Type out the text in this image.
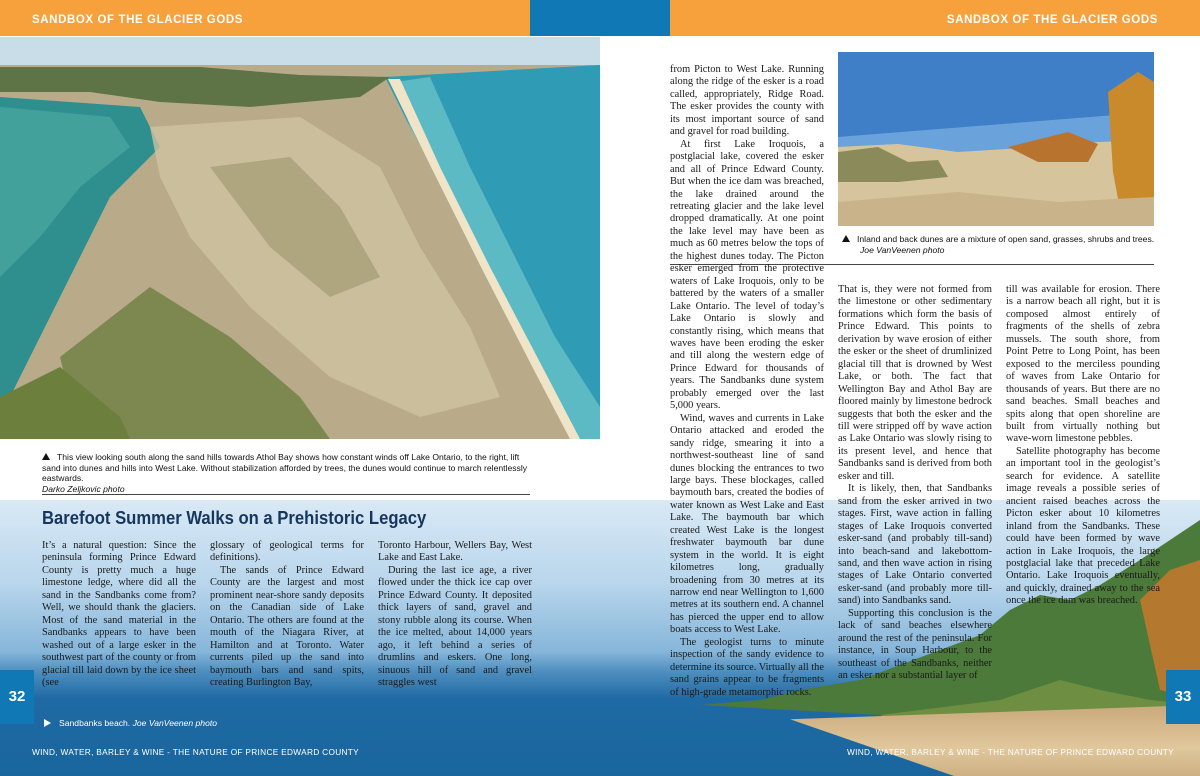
SANDBOX OF THE GLACIER GODS	SANDBOX OF THE GLACIER GODS
This view looking south along the sand hills towards Athol Bay shows how constant winds off Lake Ontario, to the right, lift sand into dunes and hills into West Lake. Without stabilization afforded by trees, the dunes would continue to march relentlessly eastwards.
Darko Zeljkovic photo
Inland and back dunes are a mixture of open sand, grasses, shrubs and trees.
Joe VanVeenen photo
Barefoot Summer Walks on a Prehistoric Legacy

It’s a natural question: Since the peninsula forming Prince Edward County is pretty much a huge limestone ledge, where did all the sand in the Sandbanks come from? Well, we should thank the glaciers. Most of the sand material in the Sandbanks appears to have been washed out of a large esker in the southwest part of the county or from glacial till laid down by the ice sheet (see

glossary of geological terms for definitions).

The sands of Prince Edward County are the largest and most prominent near-shore sandy deposits on the Canadian side of Lake Ontario. The others are found at the mouth of the Niagara River, at Hamilton and at Toronto. Water currents piled up the sand into baymouth bars and sand spits, creating Burlington Bay,

Toronto Harbour, Wellers Bay, West Lake and East Lake.

During the last ice age, a river flowed under the thick ice cap over Prince Edward County. It deposited thick layers of sand, gravel and stony rubble along its course. When the ice melted, about 14,000 years ago, it left behind a series of drumlins and eskers. One long, sinuous hill of sand and gravel straggles west

from Picton to West Lake. Running along the ridge of the esker is a road called, appropriately, Ridge Road. The esker provides the county with its most important source of sand and gravel for road building.

At first Lake Iroquois, a postglacial lake, covered the esker and all of Prince Edward County. But when the ice dam was breached, the lake drained around the retreating glacier and the lake level dropped dramatically. At one point the lake level may have been as much as 60 metres below the tops of the highest dunes today. The Picton esker emerged from the protective waters of Lake Iroquois, only to be battered by the waters of a smaller Lake Ontario. The level of today’s Lake Ontario is slowly and constantly rising, which means that waves have been eroding the esker and till along the western edge of Prince Edward for thousands of years. The Sandbanks dune system probably emerged over the last 5,000 years.

Wind, waves and currents in Lake Ontario attacked and eroded the sandy ridge, smearing it into a northwest-southeast line of sand dunes blocking the entrances to two large bays. These blockages, called baymouth bars, created the bodies of water known as West Lake and East Lake. The baymouth bar which created West Lake is the longest freshwater baymouth bar dune system in the world. It is eight kilometres long, gradually broadening from 30 metres at its narrow end near Wellington to 1,600 metres at its southern end. A channel has pierced the upper end to allow boats access to West Lake.

The geologist turns to minute inspection of the sandy evidence to determine its source. Virtually all the sand grains appear to be fragments of high-grade metamorphic rocks.

That is, they were not formed from the limestone or other sedimentary formations which form the basis of Prince Edward. This points to derivation by wave erosion of either the esker or the sheet of drumlinized glacial till that is drowned by West Lake, or both. The fact that Wellington Bay and Athol Bay are floored mainly by limestone bedrock suggests that both the esker and the till were stripped off by wave action as Lake Ontario was slowly rising to its present level, and hence that Sandbanks sand is derived from both esker and till.

It is likely, then, that Sandbanks sand from the esker arrived in two stages. First, wave action in falling stages of Lake Iroquois converted esker-sand (and probably till-sand) into beach-sand and lakebottom-sand, and then wave action in rising stages of Lake Ontario converted esker-sand (and probably more till-sand) into Sandbanks sand.

Supporting this conclusion is the lack of sand beaches elsewhere around the rest of the peninsula. For instance, in Soup Harbour, to the southeast of the Sandbanks, neither an esker nor a substantial layer of

till was available for erosion. There is a narrow beach all right, but it is composed almost entirely of fragments of the shells of zebra mussels. The south shore, from Point Petre to Long Point, has been exposed to the merciless pounding of waves from Lake Ontario for thousands of years. But there are no sand beaches. Small beaches and spits along that open shoreline are built from virtually nothing but wave-worn limestone pebbles.

Satellite photography has become an important tool in the geologist’s search for evidence. A satellite image reveals a possible series of ancient raised beaches across the Picton esker about 10 kilometres inland from the Sandbanks. These could have been formed by wave action in Lake Iroquois, the large postglacial lake that preceded Lake Ontario. Lake Iroquois eventually, and quickly, drained away to the sea once the ice dam was breached.

32	33
Sandbanks beach. Joe VanVeenen photo
WIND, WATER, BARLEY & WINE - THE NATURE OF PRINCE EDWARD COUNTY	WIND, WATER, BARLEY & WINE - THE NATURE OF PRINCE EDWARD COUNTY
